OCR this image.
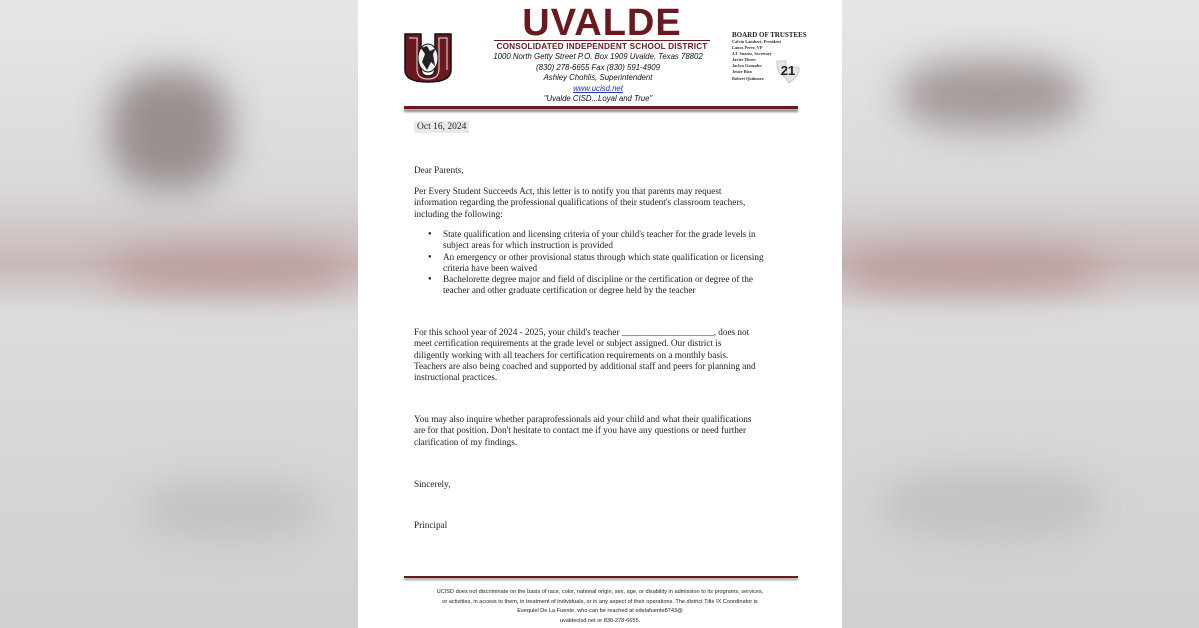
UVALDE
CONSOLIDATED INDEPENDENT SCHOOL DISTRICT
1000 North Getty Street P.O. Box 1909 Uvalde, Texas 78802
(830) 278-6655 Fax (830) 591-4909
Ashley Chohlis, Superintendent
www.ucisd.net
"Uvalde CISD...Loyal and True"
BOARD OF TRUSTEES
Calvin Lambert, President
Laura Perez, VP
J.J. Suarez, Secretary
Javier Flores
Jaclyn Gonzales
Jessie Rizo
Robert Quiñonez
21
Oct 16, 2024
Dear Parents,
Per Every Student Succeeds Act, this letter is to notify you that parents may request information regarding the professional qualifications of their student's classroom teachers, including the following:
● State qualification and licensing criteria of your child's teacher for the grade levels in subject areas for which instruction is provided
● An emergency or other provisional status through which state qualification or licensing criteria have been waived
● Bachelorette degree major and field of discipline or the certification or degree of the teacher and other graduate certification or degree held by the teacher
For this school year of 2024 - 2025, your child's teacher ____________________, does not meet certification requirements at the grade level or subject assigned. Our district is diligently working with all teachers for certification requirements on a monthly basis. Teachers are also being coached and supported by additional staff and peers for planning and instructional practices.
You may also inquire whether paraprofessionals aid your child and what their qualifications are for that position. Don't hesitate to contact me if you have any questions or need further clarification of my findings.
Sincerely,
Principal
UCISD does not discriminate on the basis of race, color, national origin, sex, age, or disability in admission to its programs, services,
or activities, in access to them, in treatment of individuals, or in any aspect of their operations. The district Title IX Coordinator is
Esequiel De La Fuente, who can be reached at edelafuente8743@
uvaldecisd.net or 830-278-6655.
